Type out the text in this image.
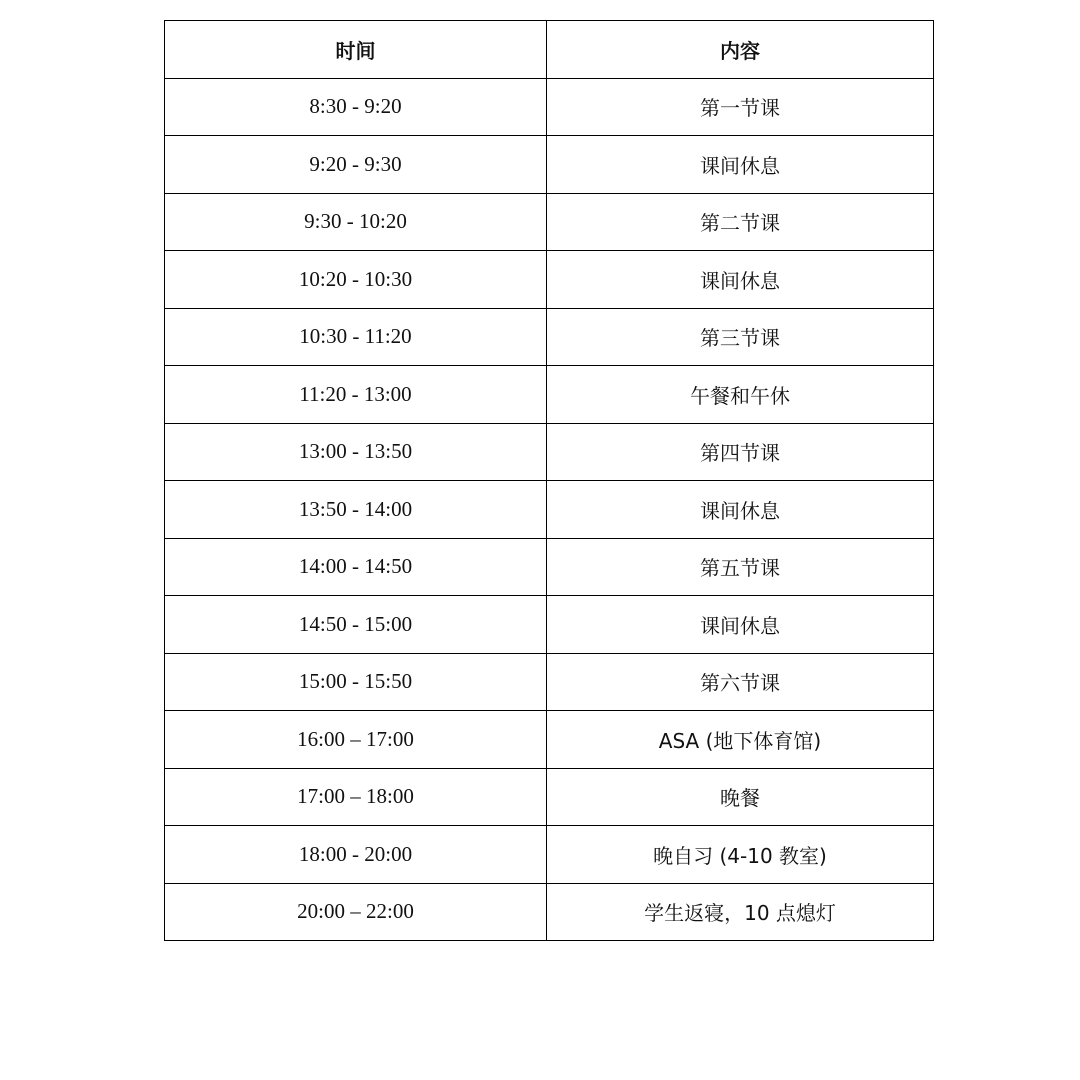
时间	内容
8:30 - 9:20	第一节课
9:20 - 9:30	课间休息
9:30 - 10:20	第二节课
10:20 - 10:30	课间休息
10:30 - 11:20	第三节课
11:20 - 13:00	午餐和午休
13:00 - 13:50	第四节课
13:50 - 14:00	课间休息
14:00 - 14:50	第五节课
14:50 - 15:00	课间休息
15:00 - 15:50	第六节课
16:00 – 17:00	ASA (地下体育馆)
17:00 – 18:00	晚餐
18:00 - 20:00	晚自习 (4-10 教室)
20:00 – 22:00	学生返寝，10 点熄灯
